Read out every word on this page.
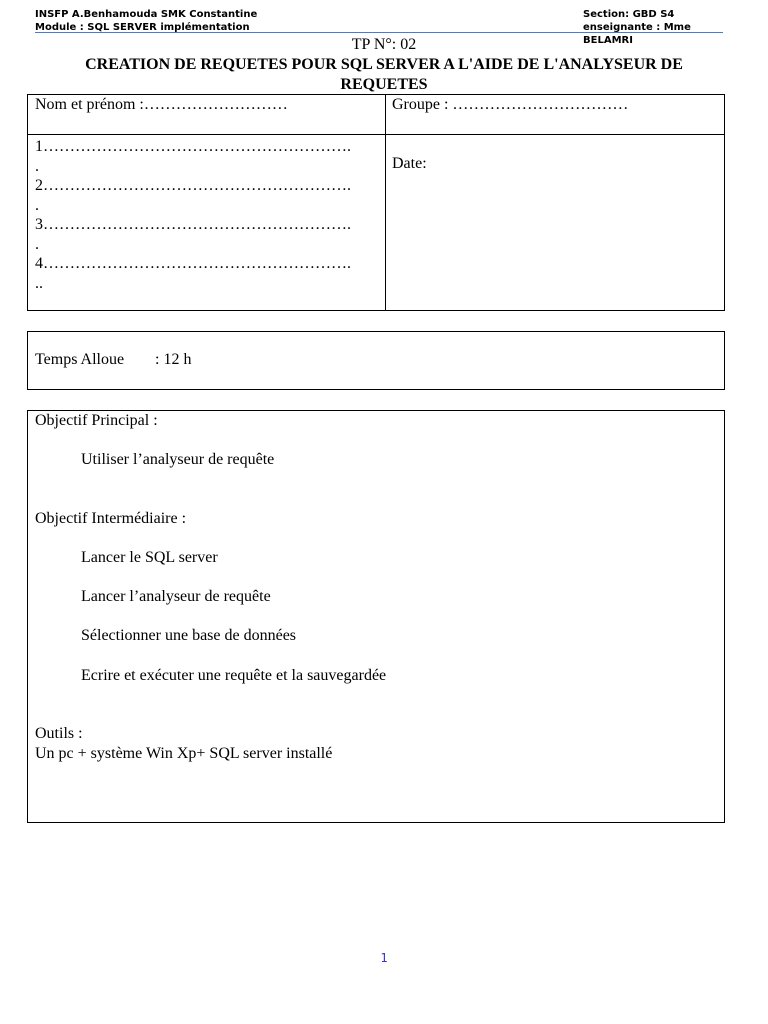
INSFP A.Benhamouda SMK Constantine
Module : SQL SERVER implémentation
Section: GBD S4
enseignante : Mme BELAMRI
TP N°: 02
CREATION DE REQUETES POUR SQL SERVER A L'AIDE DE L'ANALYSEUR DE
REQUETES
Nom et prénom :………………………	Groupe : ……………………………
1………………………………………………….
.
2………………………………………………….
.
3………………………………………………….
.
4………………………………………………….
..
Date:
Temps Alloue : 12 h
Objectif Principal :
Utiliser l’analyseur de requête
Objectif Intermédiaire :
Lancer le SQL server
Lancer l’analyseur de requête
Sélectionner une base de données
Ecrire et exécuter une requête et la sauvegardée
Outils :
Un pc + système Win Xp+ SQL server installé
1
